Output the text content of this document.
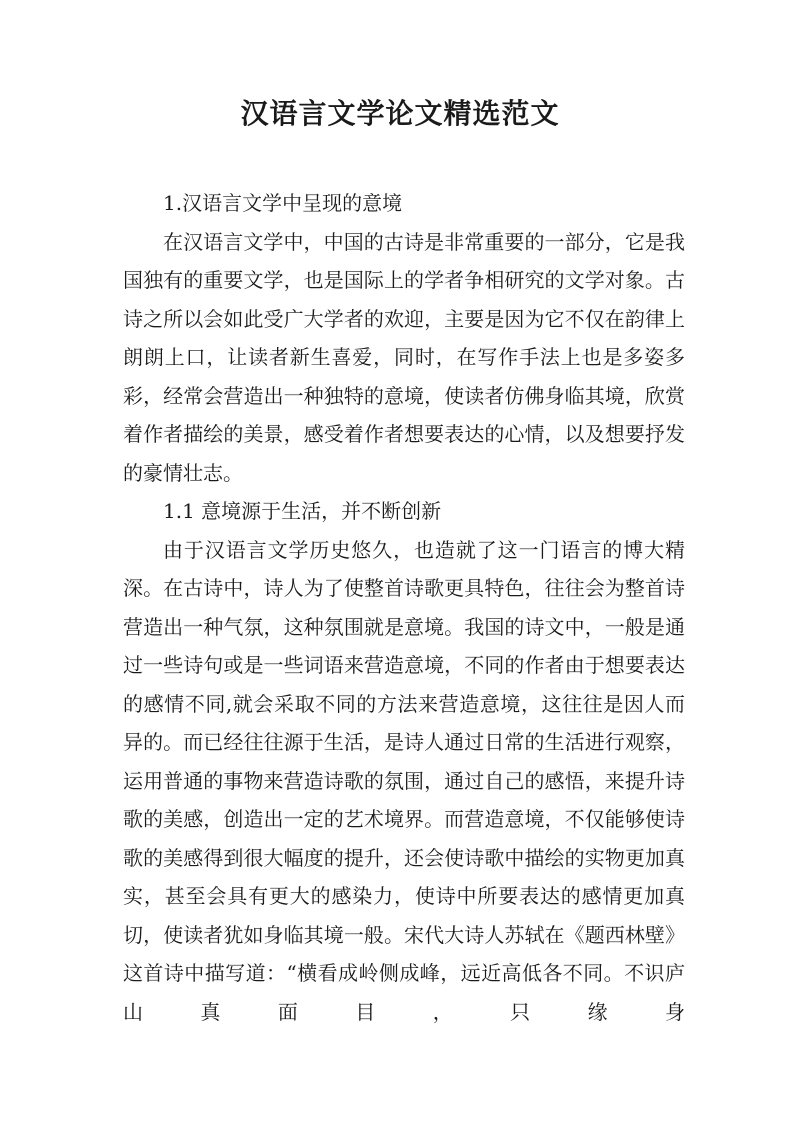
汉语言文学论文精选范文

1.汉语言文学中呈现的意境

在汉语言文学中，中国的古诗是非常重要的一部分，它是我国独有的重要文学，也是国际上的学者争相研究的文学对象。古诗之所以会如此受广大学者的欢迎，主要是因为它不仅在韵律上朗朗上口，让读者新生喜爱，同时，在写作手法上也是多姿多彩，经常会营造出一种独特的意境，使读者仿佛身临其境，欣赏着作者描绘的美景，感受着作者想要表达的心情，以及想要抒发的豪情壮志。

1.1 意境源于生活，并不断创新

由于汉语言文学历史悠久，也造就了这一门语言的博大精深。在古诗中，诗人为了使整首诗歌更具特色，往往会为整首诗营造出一种气氛，这种氛围就是意境。我国的诗文中，一般是通过一些诗句或是一些词语来营造意境，不同的作者由于想要表达的感情不同,就会采取不同的方法来营造意境，这往往是因人而异的。而已经往往源于生活，是诗人通过日常的生活进行观察，运用普通的事物来营造诗歌的氛围，通过自己的感悟，来提升诗歌的美感，创造出一定的艺术境界。而营造意境，不仅能够使诗歌的美感得到很大幅度的提升，还会使诗歌中描绘的实物更加真实，甚至会具有更大的感染力，使诗中所要表达的感情更加真切，使读者犹如身临其境一般。宋代大诗人苏轼在《题西林壁》这首诗中描写道：“横看成岭侧成峰，远近高低各不同。不识庐山真面目，只缘身
